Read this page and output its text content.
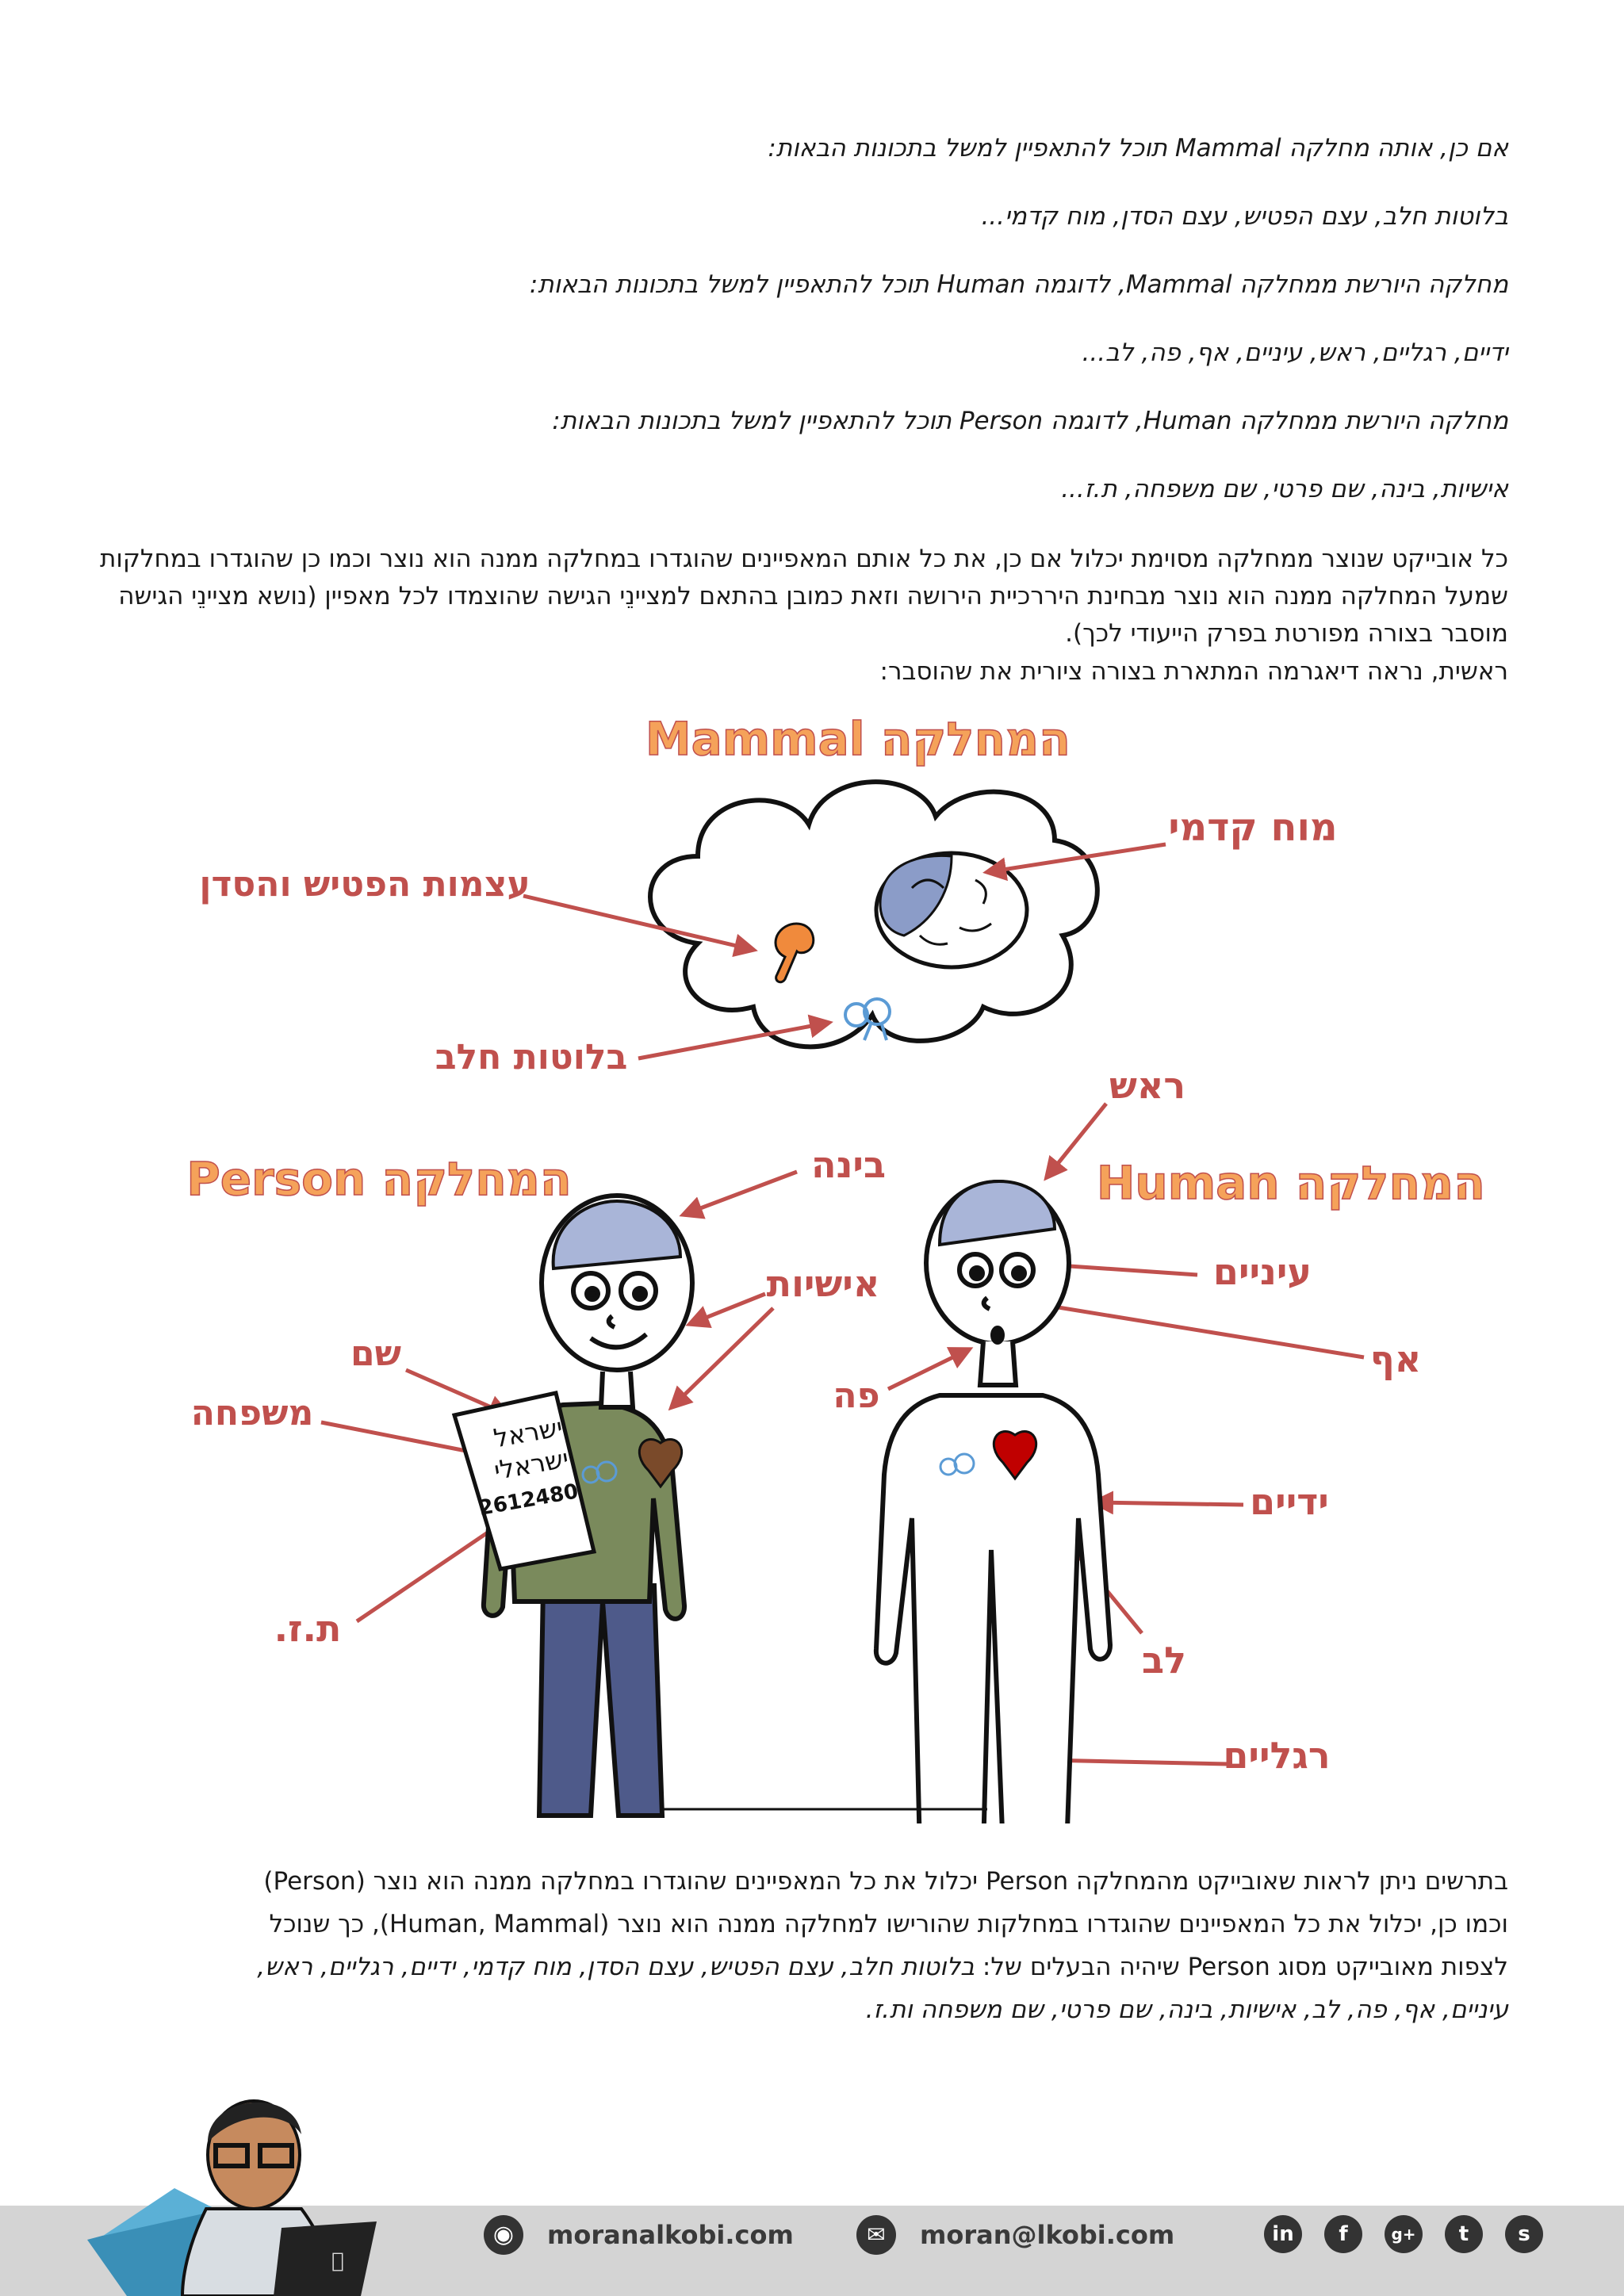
אם כן, אותה מחלקה Mammal תוכל להתאפיין למשל בתכונות הבאות:
בלוטות חלב, עצם הפטיש, עצם הסדן, מוח קדמי...
מחלקה היורשת ממחלקה Mammal, לדוגמה Human תוכל להתאפיין למשל בתכונות הבאות:
ידיים, רגליים, ראש, עיניים, אף, פה, לב...
מחלקה היורשת ממחלקה Human, לדוגמה Person תוכל להתאפיין למשל בתכונות הבאות:
אישיות, בינה, שם פרטי, שם משפחה, ת.ז...
כל אובייקט שנוצר ממחלקה מסוימת יכלול אם כן, את כל אותם המאפיינים שהוגדרו במחלקה ממנה הוא נוצר וכמו כן שהוגדרו במחלקות שמעל המחלקה ממנה הוא נוצר מבחינת היררכיית הירושה וזאת כמובן בהתאם למציינֵי הגישה שהוצמדו לכל מאפיין (נושא מציינֵי הגישה מוסבר בצורה מפורטת בפרק הייעודי לכך).
ראשית, נראה דיאגרמה המתארת בצורה ציורית את שהוסבר:
המחלקה Mammal
המחלקה Human
המחלקה Person
מוח קדמי
עצמות הפטיש והסדן
בלוטות חלב
ראש
בינה
אישיות	עיניים
אף
פה
שם
משפחה
ת.ז.
ידיים
לב
רגליים
ישראל
ישראלי
2612480
בתרשים ניתן לראות שאובייקט מהמחלקה Person יכלול את כל המאפיינים שהוגדרו במחלקה ממנה הוא נוצר (Person)
וכמו כן, יכלול את כל המאפיינים שהוגדרו במחלקות שהורישו למחלקה ממנה הוא נוצר (Human, Mammal), כך שנוכל
לצפות מאובייקט מסוג Person שיהיה הבעלים של: בלוטות חלב, עצם הפטיש, עצם הסדן, מוח קדמי, ידיים, רגליים, ראש,
עיניים, אף, פה, לב, אישיות, בינה, שם פרטי, שם משפחה ות.ז.
◉	moranalkobi.com	✉	moran@lkobi.com	in	f	g+	t	s
